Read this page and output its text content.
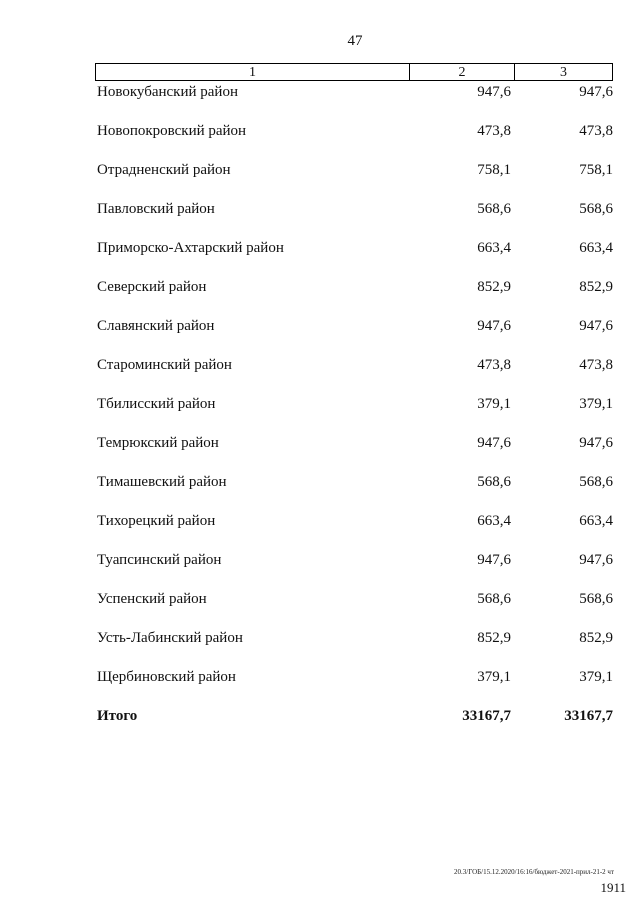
47
1	2	3
Новокубанский район	947,6	947,6
Новопокровский район	473,8	473,8
Отрадненский район	758,1	758,1
Павловский район	568,6	568,6
Приморско-Ахтарский район	663,4	663,4
Северский район	852,9	852,9
Славянский район	947,6	947,6
Староминский район	473,8	473,8
Тбилисский район	379,1	379,1
Темрюкский район	947,6	947,6
Тимашевский район	568,6	568,6
Тихорецкий район	663,4	663,4
Туапсинский район	947,6	947,6
Успенский район	568,6	568,6
Усть-Лабинский район	852,9	852,9
Щербиновский район	379,1	379,1
Итого	33167,7	33167,7
20.3/ГОБ/15.12.2020/16:16/бюджет-2021-прил-21-2 чт
1911
